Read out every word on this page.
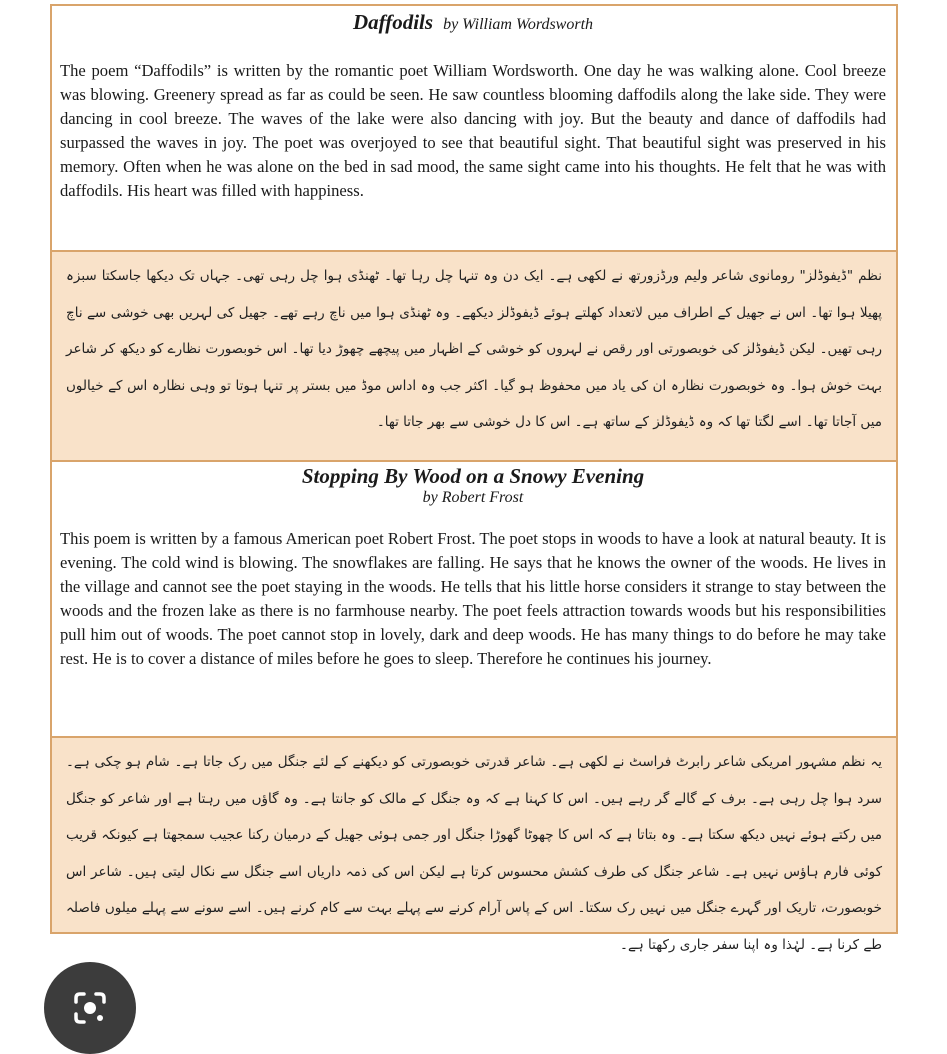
Daffodils by William Wordsworth

The poem “Daffodils” is written by the romantic poet William Wordsworth. One day he was walking alone. Cool breeze was blowing. Greenery spread as far as could be seen. He saw countless blooming daffodils along the lake side. They were dancing in cool breeze. The waves of the lake were also dancing with joy. But the beauty and dance of daffodils had surpassed the waves in joy. The poet was overjoyed to see that beautiful sight. That beautiful sight was preserved in his memory. Often when he was alone on the bed in sad mood, the same sight came into his thoughts. He felt that he was with daffodils. His heart was filled with happiness.

نظم "ڈیفوڈلز" رومانوی شاعر ولیم ورڈزورتھ نے لکھی ہے۔ ایک دن وہ تنہا چل رہا تھا۔ ٹھنڈی ہوا چل رہی تھی۔ جہاں تک دیکھا جاسکتا سبزہ پھیلا ہوا تھا۔ اس نے جھیل کے اطراف میں لاتعداد کھلتے ہوئے ڈیفوڈلز دیکھے۔ وہ ٹھنڈی ہوا میں ناچ رہے تھے۔ جھیل کی لہریں بھی خوشی سے ناچ رہی تھیں۔ لیکن ڈیفوڈلز کی خوبصورتی اور رقص نے لہروں کو خوشی کے اظہار میں پیچھے چھوڑ دیا تھا۔ اس خوبصورت نظارے کو دیکھ کر شاعر بہت خوش ہوا۔ وہ خوبصورت نظارہ ان کی یاد میں محفوظ ہو گیا۔ اکثر جب وہ اداس موڈ میں بستر پر تنہا ہوتا تو وہی نظارہ اس کے خیالوں میں آجاتا تھا۔ اسے لگتا تھا کہ وہ ڈیفوڈلز کے ساتھ ہے۔ اس کا دل خوشی سے بھر جاتا تھا۔

Stopping By Wood on a Snowy Evening
by Robert Frost

This poem is written by a famous American poet Robert Frost. The poet stops in woods to have a look at natural beauty. It is evening. The cold wind is blowing. The snowflakes are falling. He says that he knows the owner of the woods. He lives in the village and cannot see the poet staying in the woods. He tells that his little horse considers it strange to stay between the woods and the frozen lake as there is no farmhouse nearby. The poet feels attraction towards woods but his responsibilities pull him out of woods. The poet cannot stop in lovely, dark and deep woods. He has many things to do before he may take rest. He is to cover a distance of miles before he goes to sleep. Therefore he continues his journey.

یہ نظم مشہور امریکی شاعر رابرٹ فراسٹ نے لکھی ہے۔ شاعر قدرتی خوبصورتی کو دیکھنے کے لئے جنگل میں رک جاتا ہے۔ شام ہو چکی ہے۔ سرد ہوا چل رہی ہے۔ برف کے گالے گر رہے ہیں۔ اس کا کہنا ہے کہ وہ جنگل کے مالک کو جانتا ہے۔ وہ گاؤں میں رہتا ہے اور شاعر کو جنگل میں رکتے ہوئے نہیں دیکھ سکتا ہے۔ وہ بتاتا ہے کہ اس کا چھوٹا گھوڑا جنگل اور جمی ہوئی جھیل کے درمیان رکنا عجیب سمجھتا ہے کیونکہ قریب کوئی فارم ہاؤس نہیں ہے۔ شاعر جنگل کی طرف کشش محسوس کرتا ہے لیکن اس کی ذمہ داریاں اسے جنگل سے نکال لیتی ہیں۔ شاعر اس خوبصورت، تاریک اور گہرے جنگل میں نہیں رک سکتا۔ اس کے پاس آرام کرنے سے پہلے بہت سے کام کرنے ہیں۔ اسے سونے سے پہلے میلوں فاصلہ طے کرنا ہے۔ لہٰذا وہ اپنا سفر جاری رکھتا ہے۔
